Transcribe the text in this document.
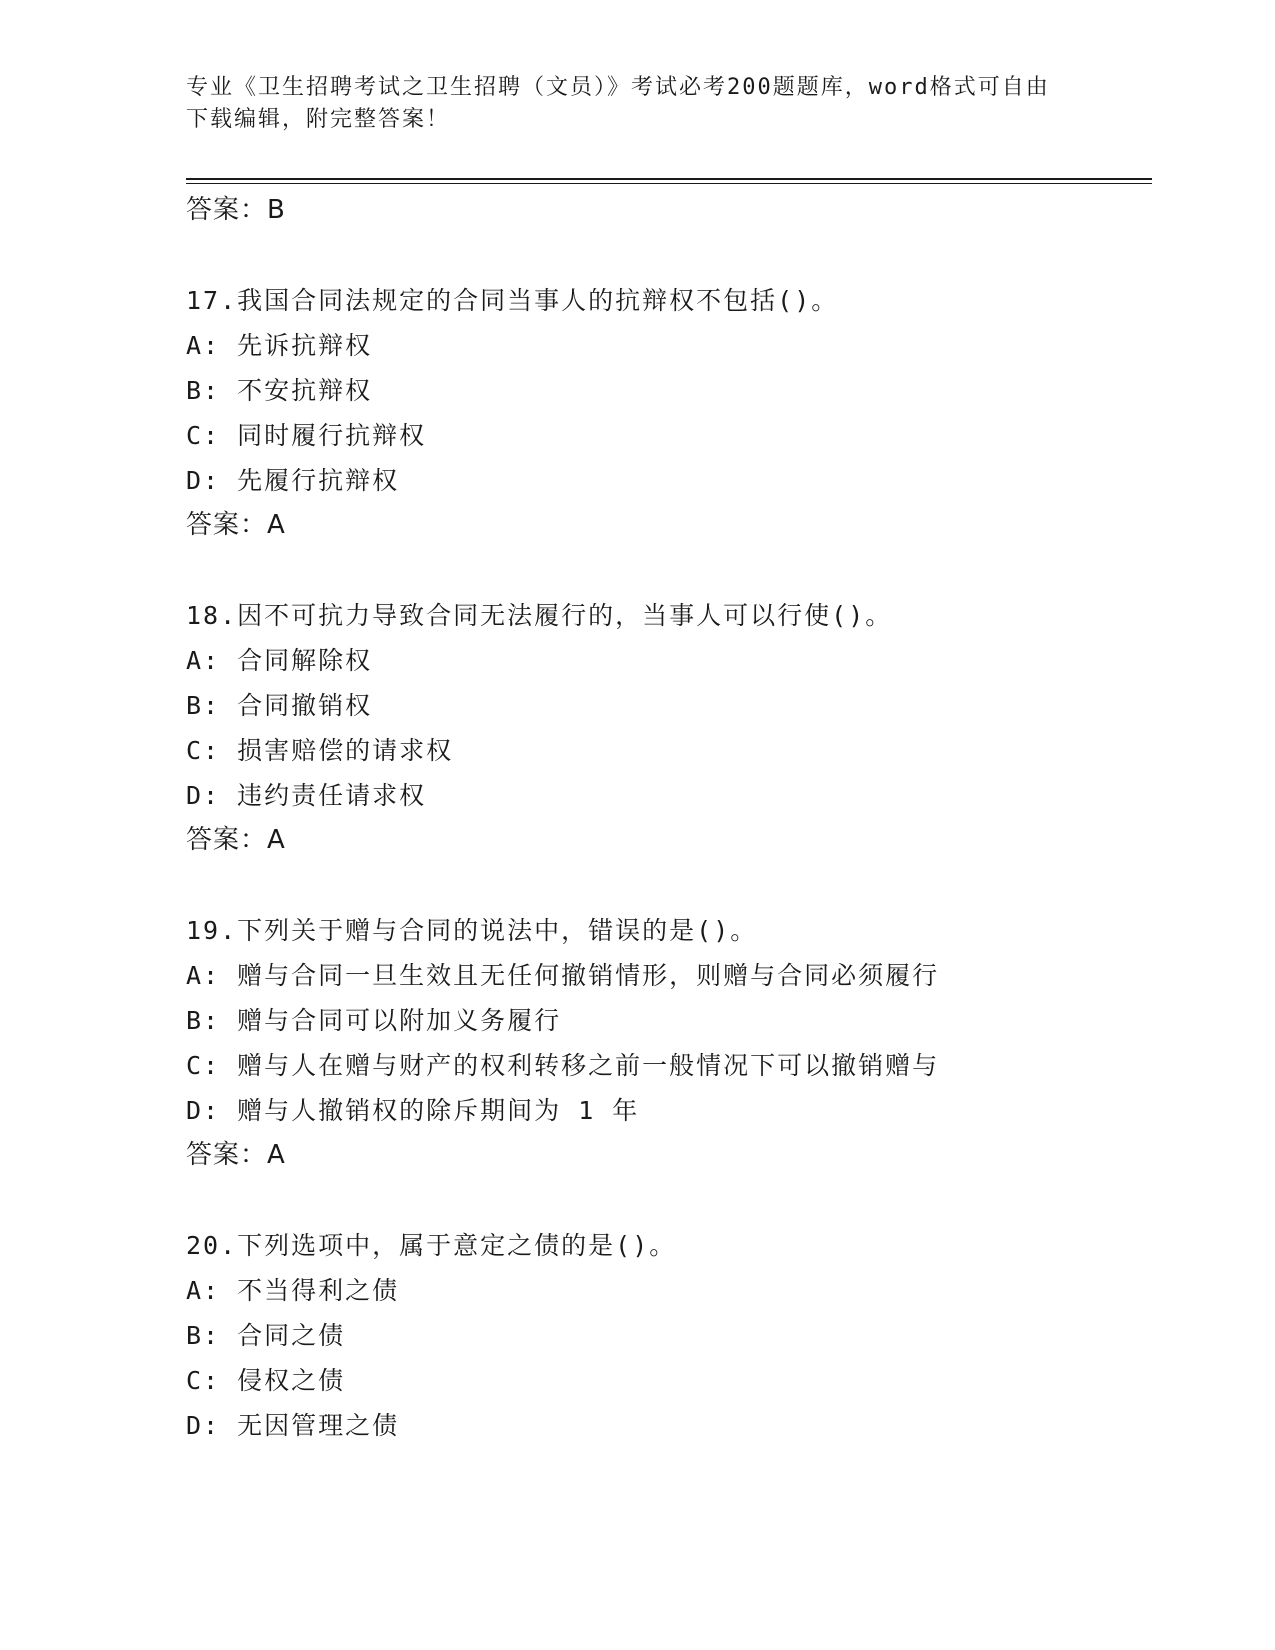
专业《卫生招聘考试之卫生招聘（文员）》考试必考200题题库，word格式可自由下载编辑，附完整答案！
答案：B
17.我国合同法规定的合同当事人的抗辩权不包括()。
A: 先诉抗辩权
B: 不安抗辩权
C: 同时履行抗辩权
D: 先履行抗辩权
答案：A
18.因不可抗力导致合同无法履行的，当事人可以行使()。
A: 合同解除权
B: 合同撤销权
C: 损害赔偿的请求权
D: 违约责任请求权
答案：A
19.下列关于赠与合同的说法中，错误的是()。
A: 赠与合同一旦生效且无任何撤销情形，则赠与合同必须履行
B: 赠与合同可以附加义务履行
C: 赠与人在赠与财产的权利转移之前一般情况下可以撤销赠与
D: 赠与人撤销权的除斥期间为 1 年
答案：A
20.下列选项中，属于意定之债的是()。
A: 不当得利之债
B: 合同之债
C: 侵权之债
D: 无因管理之债
